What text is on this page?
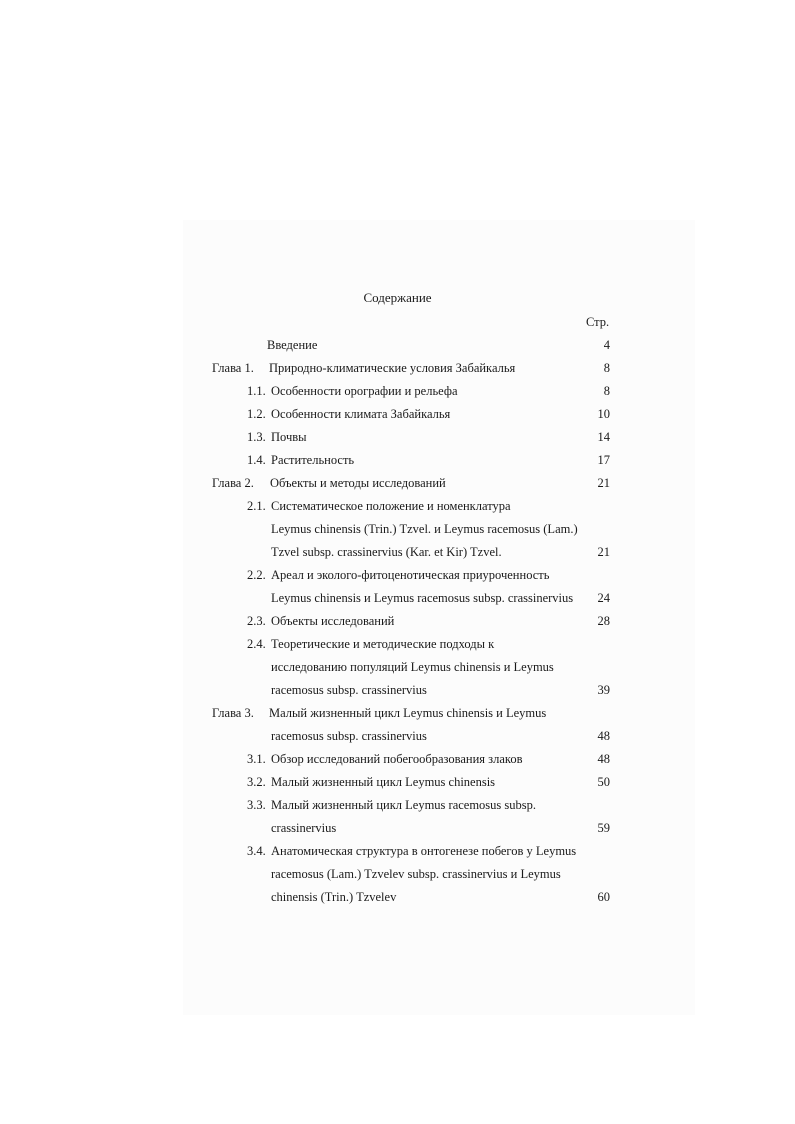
Содержание
Стр.
Введение	4
Глава 1. Природно-климатические условия Забайкалья	8
1.1. Особенности орографии и рельефа	8
1.2. Особенности климата Забайкалья	10
1.3. Почвы	14
1.4. Растительность	17
Глава 2. Объекты и методы исследований	21
2.1. Систематическое положение и номенклатура
Leymus chinensis (Trin.) Tzvel. и Leymus racemosus (Lam.)
Tzvel subsp. crassinervius (Kar. et Kir) Tzvel.	21
2.2. Ареал и эколого-фитоценотическая приуроченность
Leymus chinensis и Leymus racemosus subsp. crassinervius	24
2.3. Объекты исследований	28
2.4. Теоретические и методические подходы к
исследованию популяций Leymus chinensis и Leymus
racemosus subsp. crassinervius	39
Глава 3. Малый жизненный цикл Leymus chinensis и Leymus
racemosus subsp. crassinervius	48
3.1. Обзор исследований побегообразования злаков	48
3.2. Малый жизненный цикл Leymus chinensis	50
3.3. Малый жизненный цикл Leymus racemosus subsp.
crassinervius	59
3.4. Анатомическая структура в онтогенезе побегов у Leymus
racemosus (Lam.) Tzvelev subsp. crassinervius и Leymus
chinensis (Trin.) Tzvelev	60
